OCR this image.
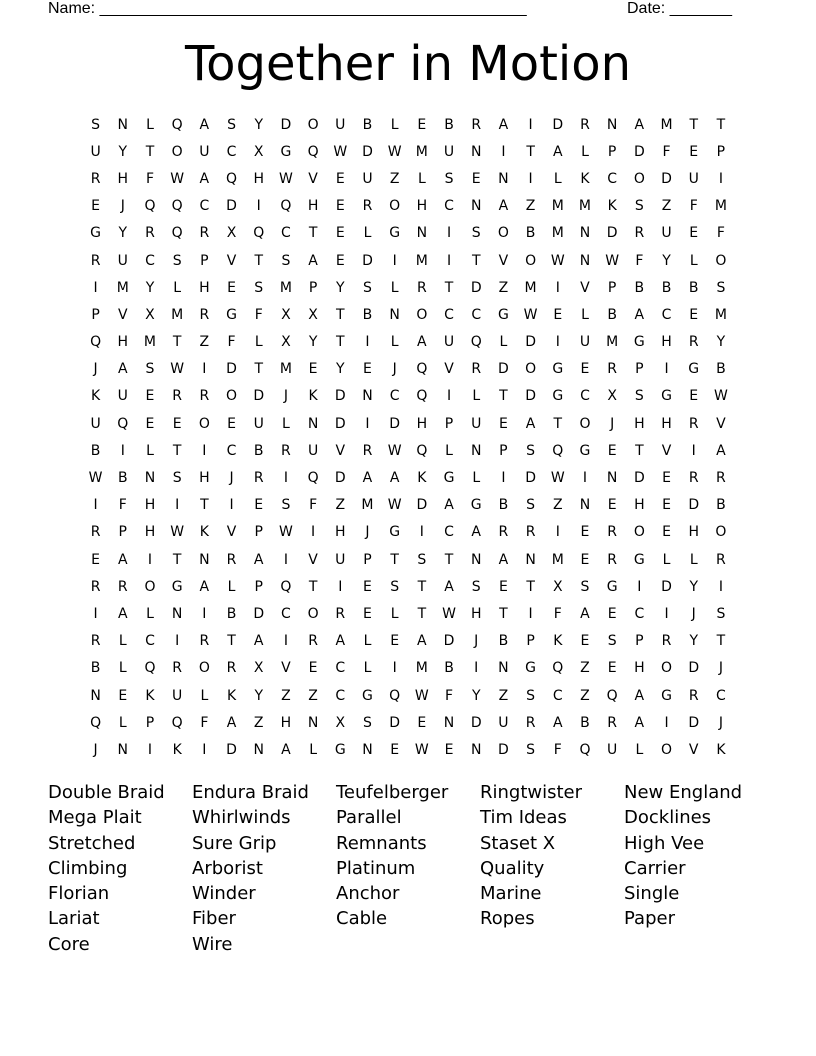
Name: ________________________________________________	Date: _______
Together in Motion
S	N	L	Q	A	S	Y	D	O	U	B	L	E	B	R	A	I	D	R	N	A	M	T	T
U	Y	T	O	U	C	X	G	Q	W	D	W	M	U	N	I	T	A	L	P	D	F	E	P
R	H	F	W	A	Q	H	W	V	E	U	Z	L	S	E	N	I	L	K	C	O	D	U	I
E	J	Q	Q	C	D	I	Q	H	E	R	O	H	C	N	A	Z	M	M	K	S	Z	F	M
G	Y	R	Q	R	X	Q	C	T	E	L	G	N	I	S	O	B	M	N	D	R	U	E	F
R	U	C	S	P	V	T	S	A	E	D	I	M	I	T	V	O	W	N	W	F	Y	L	O
I	M	Y	L	H	E	S	M	P	Y	S	L	R	T	D	Z	M	I	V	P	B	B	B	S
P	V	X	M	R	G	F	X	X	T	B	N	O	C	C	G	W	E	L	B	A	C	E	M
Q	H	M	T	Z	F	L	X	Y	T	I	L	A	U	Q	L	D	I	U	M	G	H	R	Y
J	A	S	W	I	D	T	M	E	Y	E	J	Q	V	R	D	O	G	E	R	P	I	G	B
K	U	E	R	R	O	D	J	K	D	N	C	Q	I	L	T	D	G	C	X	S	G	E	W
U	Q	E	E	O	E	U	L	N	D	I	D	H	P	U	E	A	T	O	J	H	H	R	V
B	I	L	T	I	C	B	R	U	V	R	W	Q	L	N	P	S	Q	G	E	T	V	I	A
W	B	N	S	H	J	R	I	Q	D	A	A	K	G	L	I	D	W	I	N	D	E	R	R
I	F	H	I	T	I	E	S	F	Z	M	W	D	A	G	B	S	Z	N	E	H	E	D	B
R	P	H	W	K	V	P	W	I	H	J	G	I	C	A	R	R	I	E	R	O	E	H	O
E	A	I	T	N	R	A	I	V	U	P	T	S	T	N	A	N	M	E	R	G	L	L	R
R	R	O	G	A	L	P	Q	T	I	E	S	T	A	S	E	T	X	S	G	I	D	Y	I
I	A	L	N	I	B	D	C	O	R	E	L	T	W	H	T	I	F	A	E	C	I	J	S
R	L	C	I	R	T	A	I	R	A	L	E	A	D	J	B	P	K	E	S	P	R	Y	T
B	L	Q	R	O	R	X	V	E	C	L	I	M	B	I	N	G	Q	Z	E	H	O	D	J
N	E	K	U	L	K	Y	Z	Z	C	G	Q	W	F	Y	Z	S	C	Z	Q	A	G	R	C
Q	L	P	Q	F	A	Z	H	N	X	S	D	E	N	D	U	R	A	B	R	A	I	D	J
J	N	I	K	I	D	N	A	L	G	N	E	W	E	N	D	S	F	Q	U	L	O	V	K
Double Braid	Endura Braid	Teufelberger	Ringtwister	New England
Mega Plait	Whirlwinds	Parallel	Tim Ideas	Docklines
Stretched	Sure Grip	Remnants	Staset X	High Vee
Climbing	Arborist	Platinum	Quality	Carrier
Florian	Winder	Anchor	Marine	Single
Lariat	Fiber	Cable	Ropes	Paper
Core	Wire
